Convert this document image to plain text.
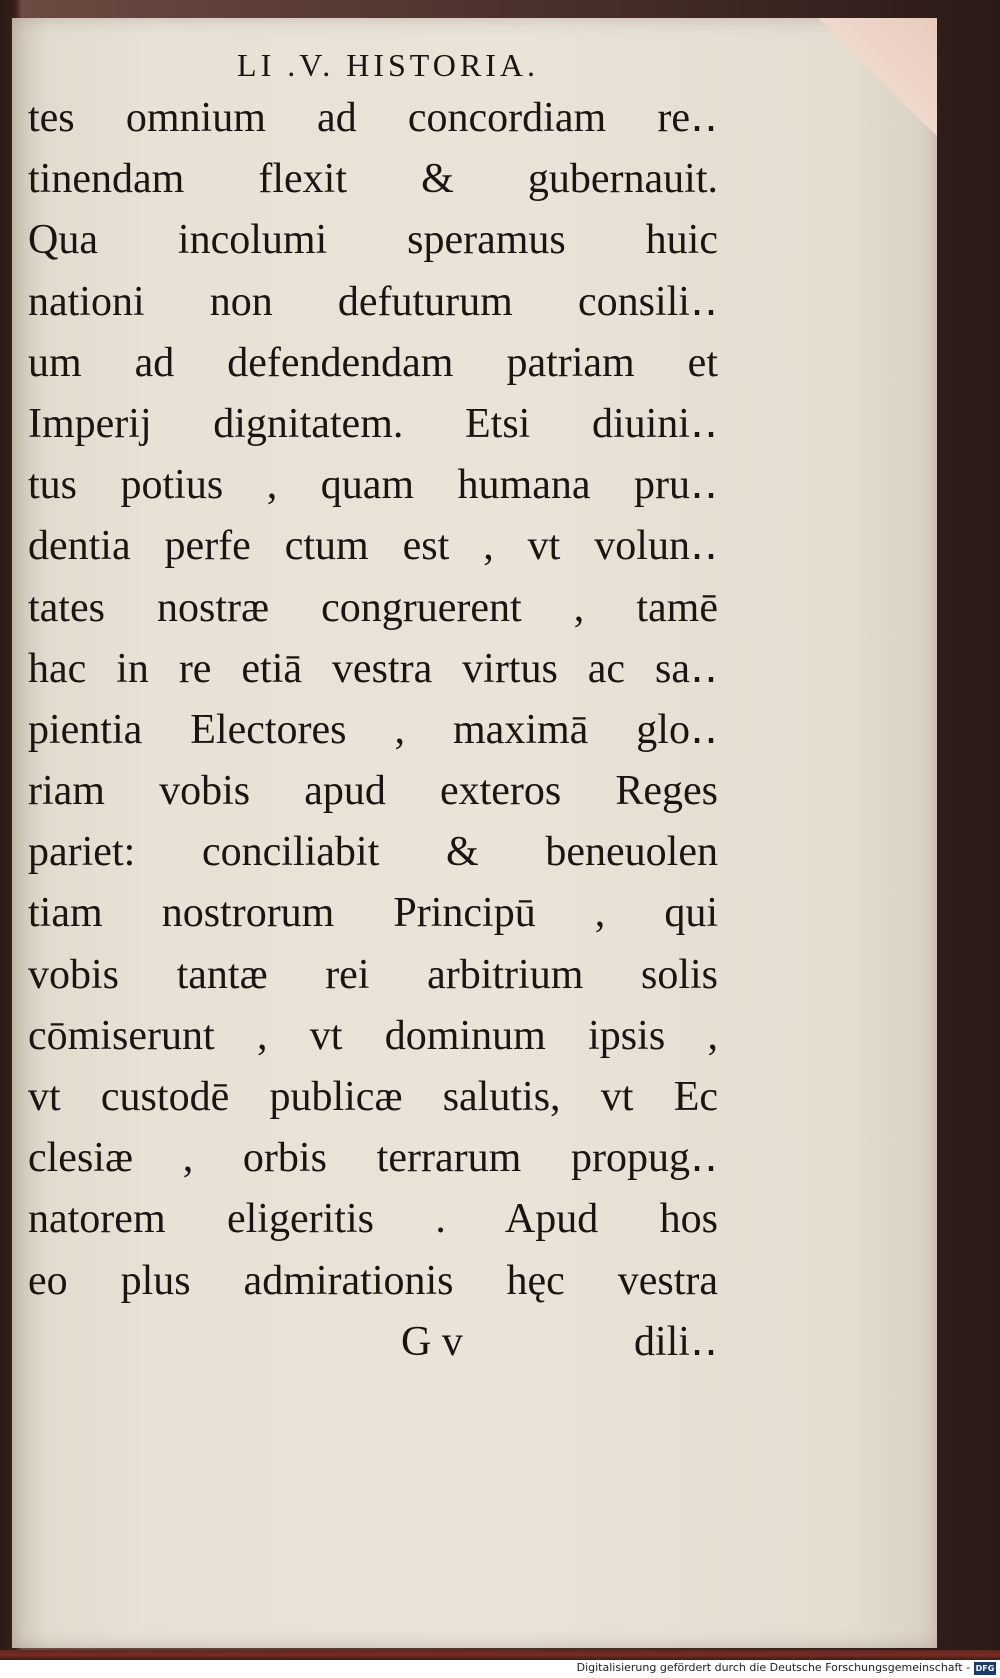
LI .V. HISTORIA.
tes omnium ad concordiam re‥
tinendam flexit & gubernauit.
Qua incolumi speramus huic
nationi non defuturum consili‥
um ad defendendam patriam et
Imperij dignitatem. Etsi diuini‥
tus potius , quam humana pru‥
dentia perfe ctum est , vt volun‥
tates nostræ congruerent , tamē
hac in re etiā vestra virtus ac sa‥
pientia Electores , maximā glo‥
riam vobis apud exteros Reges
pariet: conciliabit & beneuolen
tiam nostrorum Principū , qui
vobis tantæ rei arbitrium solis
cōmiserunt , vt dominum ipsis ,
vt custodē publicæ salutis, vt Ec
clesiæ , orbis terrarum propug‥
natorem eligeritis . Apud hos
eo plus admirationis hęc vestra
G v	dili‥
Digitalisierung gefördert durch die Deutsche Forschungsgemeinschaft - DFG
